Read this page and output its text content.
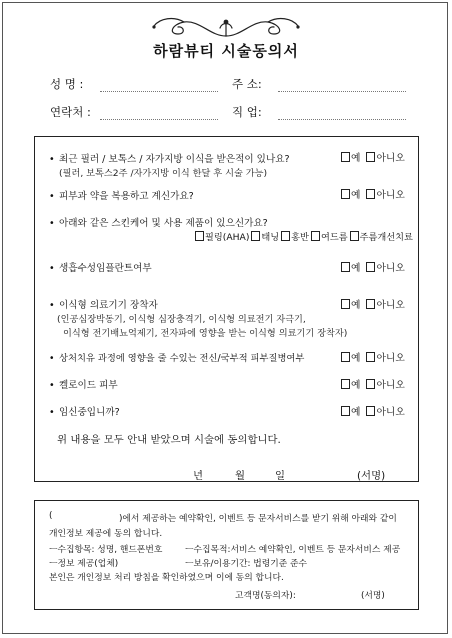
하람뷰티 시술동의서
성 명 :	주 소:
연락처 :	직 업:
• 최근 필러 / 보톡스 / 자가지방 이식을 받은적이 있나요?
(필러, 보톡스2주 /자가지방 이식 한달 후 시술 가능)
예 아니오
• 피부과 약을 복용하고 계신가요?	예 아니오
• 아래와 같은 스킨케어 및 사용 제품이 있으신가요?
필링(AHA) 태닝 홍반 여드름 주름개선치료
• 생흡수성임플란트여부	예 아니오
• 이식형 의료기기 장착자
(인공심장박동기, 이식형 심장충격기, 이식형 의료전기 자극기,
이식형 전기배뇨억제기, 전자파에 영향을 받는 이식형 의료기기 장착자)
예 아니오
• 상처치유 과정에 영향을 줄 수있는 전신/국부적 피부질병여부	예 아니오
• 켈로이드 피부	예 아니오
• 임신중입니까?	예 아니오
위 내용을 모두 안내 받았으며 시술에 동의합니다.
년	월	일	(서명)
(	)에서 제공하는 예약확인, 이벤트 등 문자서비스를 받기 위해 아래와 같이
개인정보 제공에 동의 합니다.
ㅡ수집항목: 성명, 핸드폰번호	ㅡ수집목적:서비스 예약확인, 이벤트 등 문자서비스 제공
ㅡ정보 제공(업체)	ㅡ보유/이용기간: 법령기준 준수
본인은 개인정보 처리 방침을 확인하였으며 이에 동의 합니다.
고객명(동의자):	(서명)
